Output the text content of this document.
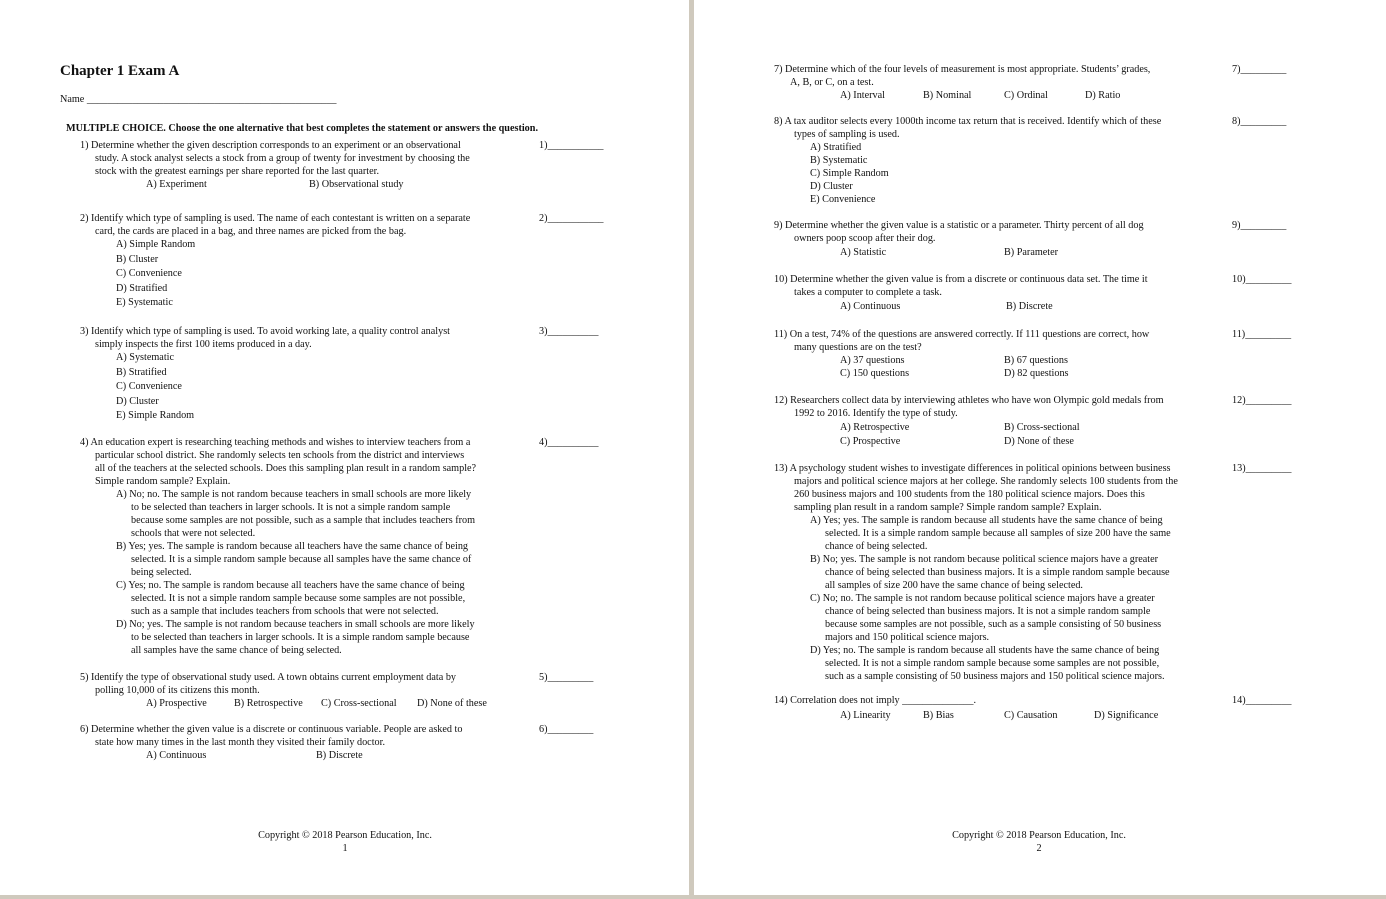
Chapter 1 Exam A
Name _________________________________________________
MULTIPLE CHOICE. Choose the one alternative that best completes the statement or answers the question.
1) Determine whether the given description corresponds to an experiment or an observational
study. A stock analyst selects a stock from a group of twenty for investment by choosing the
stock with the greatest earnings per share reported for the last quarter.
1)___________
A) Experiment	B) Observational study
2) Identify which type of sampling is used. The name of each contestant is written on a separate
card, the cards are placed in a bag, and three names are picked from the bag.
2)___________
A) Simple Random
B) Cluster
C) Convenience
D) Stratified
E) Systematic
3) Identify which type of sampling is used. To avoid working late, a quality control analyst
simply inspects the first 100 items produced in a day.
3)__________
A) Systematic
B) Stratified
C) Convenience
D) Cluster
E) Simple Random
4) An education expert is researching teaching methods and wishes to interview teachers from a
particular school district. She randomly selects ten schools from the district and interviews
all of the teachers at the selected schools. Does this sampling plan result in a random sample?
Simple random sample? Explain.
4)__________
A) No; no. The sample is not random because teachers in small schools are more likely
to be selected than teachers in larger schools. It is not a simple random sample
because some samples are not possible, such as a sample that includes teachers from
schools that were not selected.
B) Yes; yes. The sample is random because all teachers have the same chance of being
selected. It is a simple random sample because all samples have the same chance of
being selected.
C) Yes; no. The sample is random because all teachers have the same chance of being
selected. It is not a simple random sample because some samples are not possible,
such as a sample that includes teachers from schools that were not selected.
D) No; yes. The sample is not random because teachers in small schools are more likely
to be selected than teachers in larger schools. It is a simple random sample because
all samples have the same chance of being selected.
5) Identify the type of observational study used. A town obtains current employment data by
polling 10,000 of its citizens this month.
5)_________
A) Prospective	B) Retrospective C) Cross-sectional D) None of these
6) Determine whether the given value is a discrete or continuous variable. People are asked to
state how many times in the last month they visited their family doctor.
6)_________
A) Continuous	B) Discrete
Copyright © 2018 Pearson Education, Inc.
1
7) Determine which of the four levels of measurement is most appropriate. Students’ grades,
A, B, or C, on a test.
7)_________
A) Interval	B) Nominal	C) Ordinal	D) Ratio
8) A tax auditor selects every 1000th income tax return that is received. Identify which of these
types of sampling is used.
8)_________
A) Stratified
B) Systematic
C) Simple Random
D) Cluster
E) Convenience
9) Determine whether the given value is a statistic or a parameter. Thirty percent of all dog
owners poop scoop after their dog.
9)_________
A) Statistic	B) Parameter
10) Determine whether the given value is from a discrete or continuous data set. The time it
takes a computer to complete a task.
10)_________
A) Continuous	B) Discrete
11) On a test, 74% of the questions are answered correctly. If 111 questions are correct, how
many questions are on the test?
11)_________
A) 37 questions	B) 67 questions
C) 150 questions	D) 82 questions
12) Researchers collect data by interviewing athletes who have won Olympic gold medals from
1992 to 2016. Identify the type of study.
12)_________
A) Retrospective	B) Cross-sectional
C) Prospective	D) None of these
13) A psychology student wishes to investigate differences in political opinions between business
majors and political science majors at her college. She randomly selects 100 students from the
260 business majors and 100 students from the 180 political science majors. Does this
sampling plan result in a random sample? Simple random sample? Explain.
13)_________
A) Yes; yes. The sample is random because all students have the same chance of being
selected. It is a simple random sample because all samples of size 200 have the same
chance of being selected.
B) No; yes. The sample is not random because political science majors have a greater
chance of being selected than business majors. It is a simple random sample because
all samples of size 200 have the same chance of being selected.
C) No; no. The sample is not random because political science majors have a greater
chance of being selected than business majors. It is not a simple random sample
because some samples are not possible, such as a sample consisting of 50 business
majors and 150 political science majors.
D) Yes; no. The sample is random because all students have the same chance of being
selected. It is not a simple random sample because some samples are not possible,
such as a sample consisting of 50 business majors and 150 political science majors.
14) Correlation does not imply ______________.	14)_________
A) Linearity	B) Bias	C) Causation	D) Significance
Copyright © 2018 Pearson Education, Inc.
2
